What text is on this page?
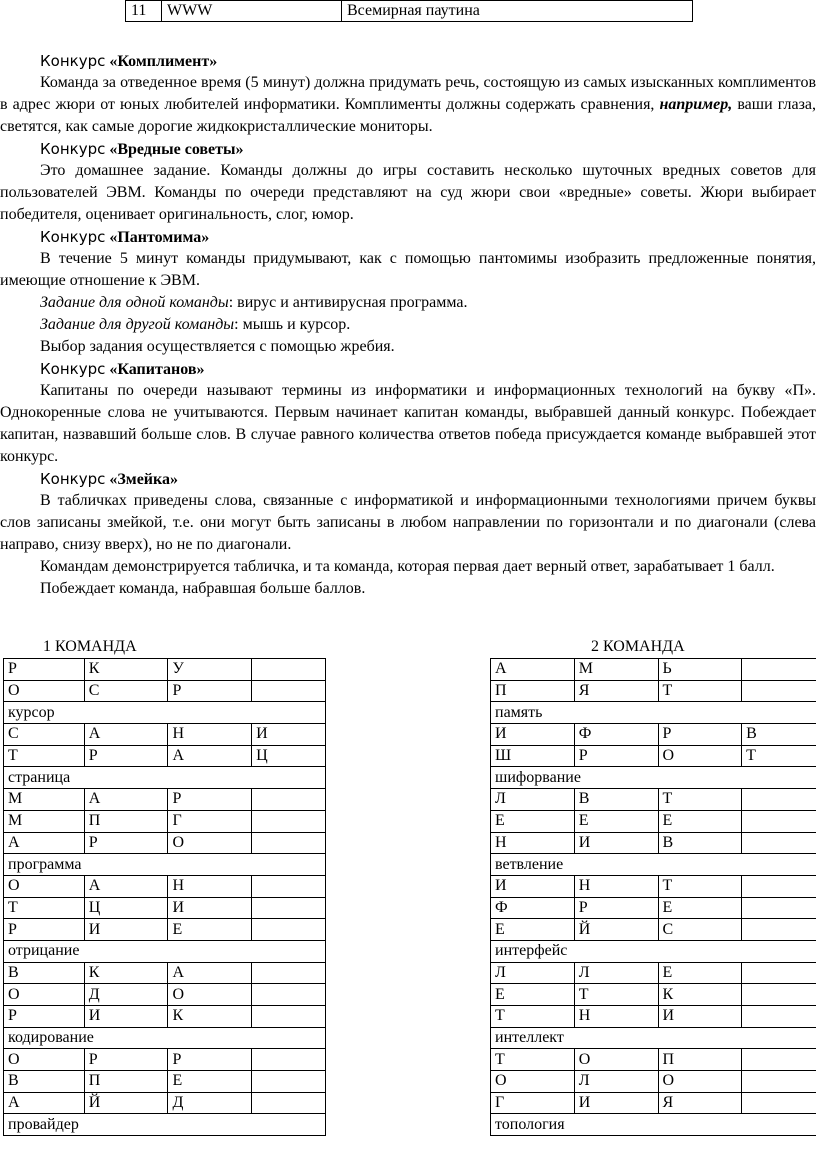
11	WWW	Всемирная паутина
Конкурс «Комплимент»

Команда за отведенное время (5 минут) должна придумать речь, состоящую из самых изысканных комплиментов в адрес жюри от юных любителей информатики. Комплименты должны содержать сравнения, например, ваши глаза, светятся, как самые дорогие жидкокристаллические мониторы.

Конкурс «Вредные советы»

Это домашнее задание. Команды должны до игры составить несколько шуточных вредных советов для пользователей ЭВМ. Команды по очереди представляют на суд жюри свои «вредные» советы. Жюри выбирает победителя, оценивает оригинальность, слог, юмор.

Конкурс «Пантомима»

В течение 5 минут команды придумывают, как с помощью пантомимы изобразить предложенные понятия, имеющие отношение к ЭВМ.

Задание для одной команды: вирус и антивирусная программа.

Задание для другой команды: мышь и курсор.

Выбор задания осуществляется с помощью жребия.

Конкурс «Капитанов»

Капитаны по очереди называют термины из информатики и информационных технологий на букву «П». Однокоренные слова не учитываются. Первым начинает капитан команды, выбравшей данный конкурс. Побеждает капитан, назвавший больше слов. В случае равного количества ответов победа присуждается команде выбравшей этот конкурс.

Конкурс «Змейка»

В табличках приведены слова, связанные с информатикой и информационными технологиями причем буквы слов записаны змейкой, т.е. они могут быть записаны в любом направлении по горизонтали и по диагонали (слева направо, снизу вверх), но не по диагонали.

Командам демонстрируется табличка, и та команда, которая первая дает верный ответ, зарабатывает 1 балл.

Побеждает команда, набравшая больше баллов.

1 КОМАНДА	2 КОМАНДА
Р	К	У	
О	С	Р	
курсор			
С	А	Н	И
Т	Р	А	Ц
страница			
М	А	Р	
М	П	Г	
А	Р	О	
программа			
О	А	Н	
Т	Ц	И	
Р	И	Е	
отрицание			
В	К	А	
О	Д	О	
Р	И	К	
кодирование			
О	Р	Р	
В	П	Е	
А	Й	Д	
провайдер			
А	М	Ь	
П	Я	Т	
память			
И	Ф	Р	В
Ш	Р	О	Т
шифорвание			
Л	В	Т	
Е	Е	Е	
Н	И	В	
ветвление			
И	Н	Т	
Ф	Р	Е	
Е	Й	С	
интерфейс			
Л	Л	Е	
Е	Т	К	
Т	Н	И	
интеллект			
Т	О	П	
О	Л	О	
Г	И	Я	
топология			
